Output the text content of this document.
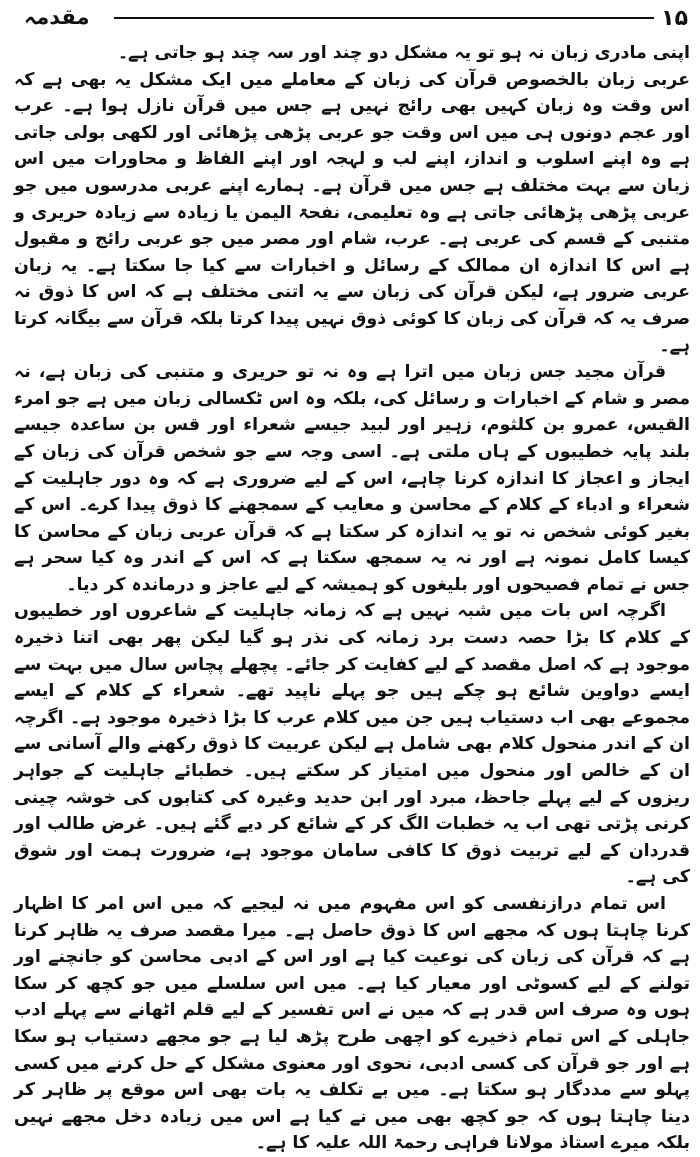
۱۵
مقدمہ

اپنی مادری زبان نہ ہو تو یہ مشکل دو چند اور سہ چند ہو جاتی ہے۔

عربی زبان بالخصوص قرآن کی زبان کے معاملے میں ایک مشکل یہ بھی ہے کہ اس وقت وہ زبان کہیں بھی رائج نہیں ہے جس میں قرآن نازل ہوا ہے۔ عرب اور عجم دونوں ہی میں اس وقت جو عربی پڑھی پڑھائی اور لکھی بولی جاتی ہے وہ اپنے اسلوب و انداز، اپنے لب و لہجہ اور اپنے الفاظ و محاورات میں اس زبان سے بہت مختلف ہے جس میں قرآن ہے۔ ہمارے اپنے عربی مدرسوں میں جو عربی پڑھی پڑھائی جاتی ہے وہ تعلیمی، نفحۃ الیمن یا زیادہ سے زیادہ حریری و متنبی کے قسم کی عربی ہے۔ عرب، شام اور مصر میں جو عربی رائج و مقبول ہے اس کا اندازہ ان ممالک کے رسائل و اخبارات سے کیا جا سکتا ہے۔ یہ زبان عربی ضرور ہے، لیکن قرآن کی زبان سے یہ اتنی مختلف ہے کہ اس کا ذوق نہ صرف یہ کہ قرآن کی زبان کا کوئی ذوق نہیں پیدا کرتا بلکہ قرآن سے بیگانہ کرتا ہے۔

قرآن مجید جس زبان میں اترا ہے وہ نہ تو حریری و متنبی کی زبان ہے، نہ مصر و شام کے اخبارات و رسائل کی، بلکہ وہ اس ٹکسالی زبان میں ہے جو امرء القیس، عمرو بن کلثوم، زہیر اور لبید جیسے شعراء اور قس بن ساعدہ جیسے بلند پایہ خطیبوں کے ہاں ملتی ہے۔ اسی وجہ سے جو شخص قرآن کی زبان کے ایجاز و اعجاز کا اندازہ کرنا چاہے، اس کے لیے ضروری ہے کہ وہ دور جاہلیت کے شعراء و ادباء کے کلام کے محاسن و معایب کے سمجھنے کا ذوق پیدا کرے۔ اس کے بغیر کوئی شخص نہ تو یہ اندازہ کر سکتا ہے کہ قرآن عربی زبان کے محاسن کا کیسا کامل نمونہ ہے اور نہ یہ سمجھ سکتا ہے کہ اس کے اندر وہ کیا سحر ہے جس نے تمام فصیحوں اور بلیغوں کو ہمیشہ کے لیے عاجز و درماندہ کر دیا۔

اگرچہ اس بات میں شبہ نہیں ہے کہ زمانہ جاہلیت کے شاعروں اور خطیبوں کے کلام کا بڑا حصہ دست برد زمانہ کی نذر ہو گیا لیکن پھر بھی اتنا ذخیرہ موجود ہے کہ اصل مقصد کے لیے کفایت کر جائے۔ پچھلے پچاس سال میں بہت سے ایسے دواوین شائع ہو چکے ہیں جو پہلے ناپید تھے۔ شعراء کے کلام کے ایسے مجموعے بھی اب دستیاب ہیں جن میں کلام عرب کا بڑا ذخیرہ موجود ہے۔ اگرچہ ان کے اندر منحول کلام بھی شامل ہے لیکن عربیت کا ذوق رکھنے والے آسانی سے ان کے خالص اور منحول میں امتیاز کر سکتے ہیں۔ خطبائے جاہلیت کے جواہر ریزوں کے لیے پہلے جاحظ، مبرد اور ابن حدید وغیرہ کی کتابوں کی خوشہ چینی کرنی پڑتی تھی اب یہ خطبات الگ کر کے شائع کر دیے گئے ہیں۔ غرض طالب اور قدردان کے لیے تربیت ذوق کا کافی سامان موجود ہے، ضرورت ہمت اور شوق کی ہے۔

اس تمام درازنفسی کو اس مفہوم میں نہ لیجیے کہ میں اس امر کا اظہار کرنا چاہتا ہوں کہ مجھے اس کا ذوق حاصل ہے۔ میرا مقصد صرف یہ ظاہر کرنا ہے کہ قرآن کی زبان کی نوعیت کیا ہے اور اس کے ادبی محاسن کو جانچنے اور تولنے کے لیے کسوٹی اور معیار کیا ہے۔ میں اس سلسلے میں جو کچھ کر سکا ہوں وہ صرف اس قدر ہے کہ میں نے اس تفسیر کے لیے قلم اٹھانے سے پہلے ادب جاہلی کے اس تمام ذخیرے کو اچھی طرح پڑھ لیا ہے جو مجھے دستیاب ہو سکا ہے اور جو قرآن کی کسی ادبی، نحوی اور معنوی مشکل کے حل کرنے میں کسی پہلو سے مددگار ہو سکتا ہے۔ میں بے تکلف یہ بات بھی اس موقع پر ظاہر کر دینا چاہتا ہوں کہ جو کچھ بھی میں نے کیا ہے اس میں زیادہ دخل مجھے نہیں بلکہ میرے استاذ مولانا فراہی رحمۃ اللہ علیہ کا ہے۔
